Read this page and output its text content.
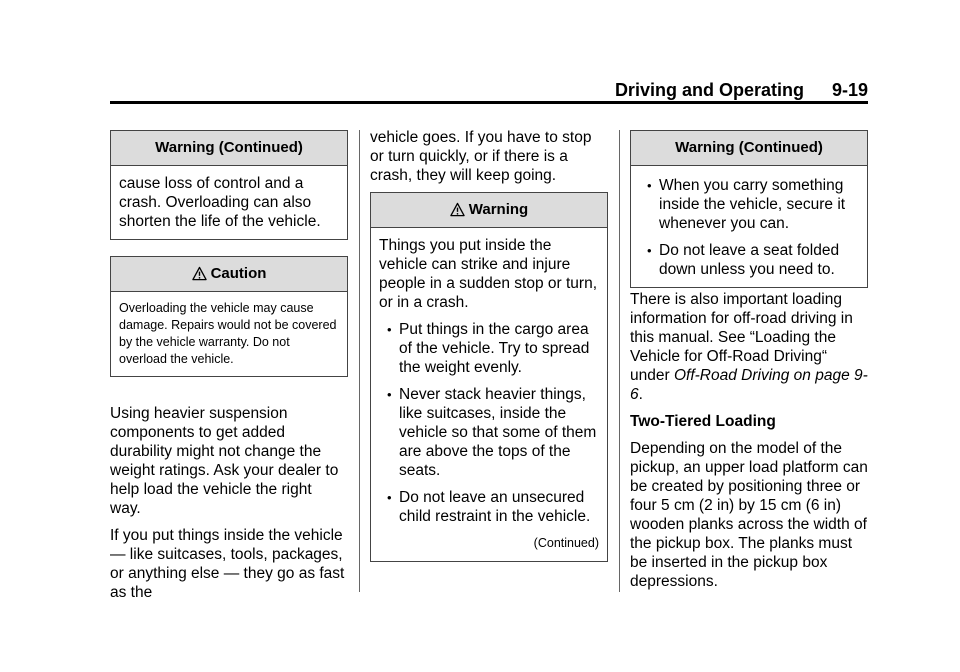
Driving and Operating 9-19
Warning (Continued)
cause loss of control and a crash. Overloading can also shorten the life of the vehicle.
Caution
Overloading the vehicle may cause damage. Repairs would not be covered by the vehicle warranty. Do not overload the vehicle.

Using heavier suspension components to get added durability might not change the weight ratings. Ask your dealer to help load the vehicle the right way.

If you put things inside the vehicle — like suitcases, tools, packages, or anything else — they go as fast as the

vehicle goes. If you have to stop or turn quickly, or if there is a crash, they will keep going.

Warning
Things you put inside the vehicle can strike and injure people in a sudden stop or turn, or in a crash.
• Put things in the cargo area of the vehicle. Try to spread the weight evenly.
• Never stack heavier things, like suitcases, inside the vehicle so that some of them are above the tops of the seats.
• Do not leave an unsecured child restraint in the vehicle.
(Continued)
Warning (Continued)
• When you carry something inside the vehicle, secure it whenever you can.
• Do not leave a seat folded down unless you need to.

There is also important loading information for off-road driving in this manual. See “Loading the Vehicle for Off-Road Driving“ under Off-Road Driving on page 9-6.

Two-Tiered Loading

Depending on the model of the pickup, an upper load platform can be created by positioning three or four 5 cm (2 in) by 15 cm (6 in) wooden planks across the width of the pickup box. The planks must be inserted in the pickup box depressions.
